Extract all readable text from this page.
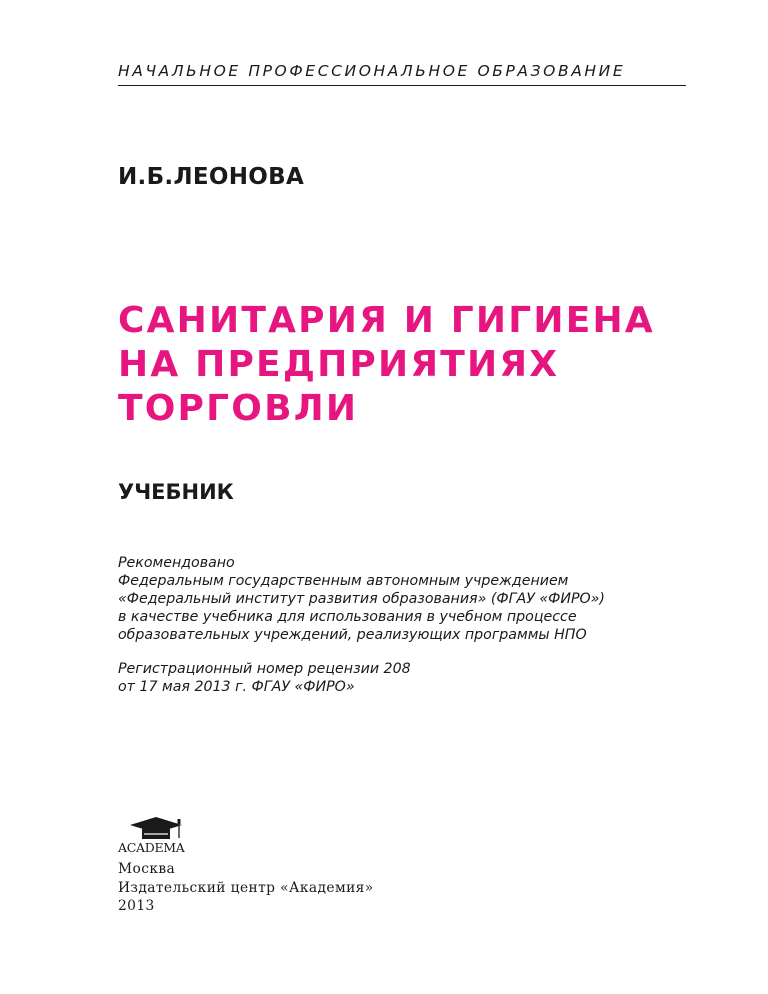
НАЧАЛЬНОЕ ПРОФЕССИОНАЛЬНОЕ ОБРАЗОВАНИЕ
И.Б.ЛЕОНОВА
САНИТАРИЯ И ГИГИЕНА
НА ПРЕДПРИЯТИЯХ
ТОРГОВЛИ
УЧЕБНИК
Рекомендовано
Федеральным государственным автономным учреждением
«Федеральный институт развития образования» (ФГАУ «ФИРО»)
в качестве учебника для использования в учебном процессе
образовательных учреждений, реализующих программы НПО
Регистрационный номер рецензии 208
от 17 мая 2013 г. ФГАУ «ФИРО»
ACADEMA
Москва
Издательский центр «Академия»
2013
